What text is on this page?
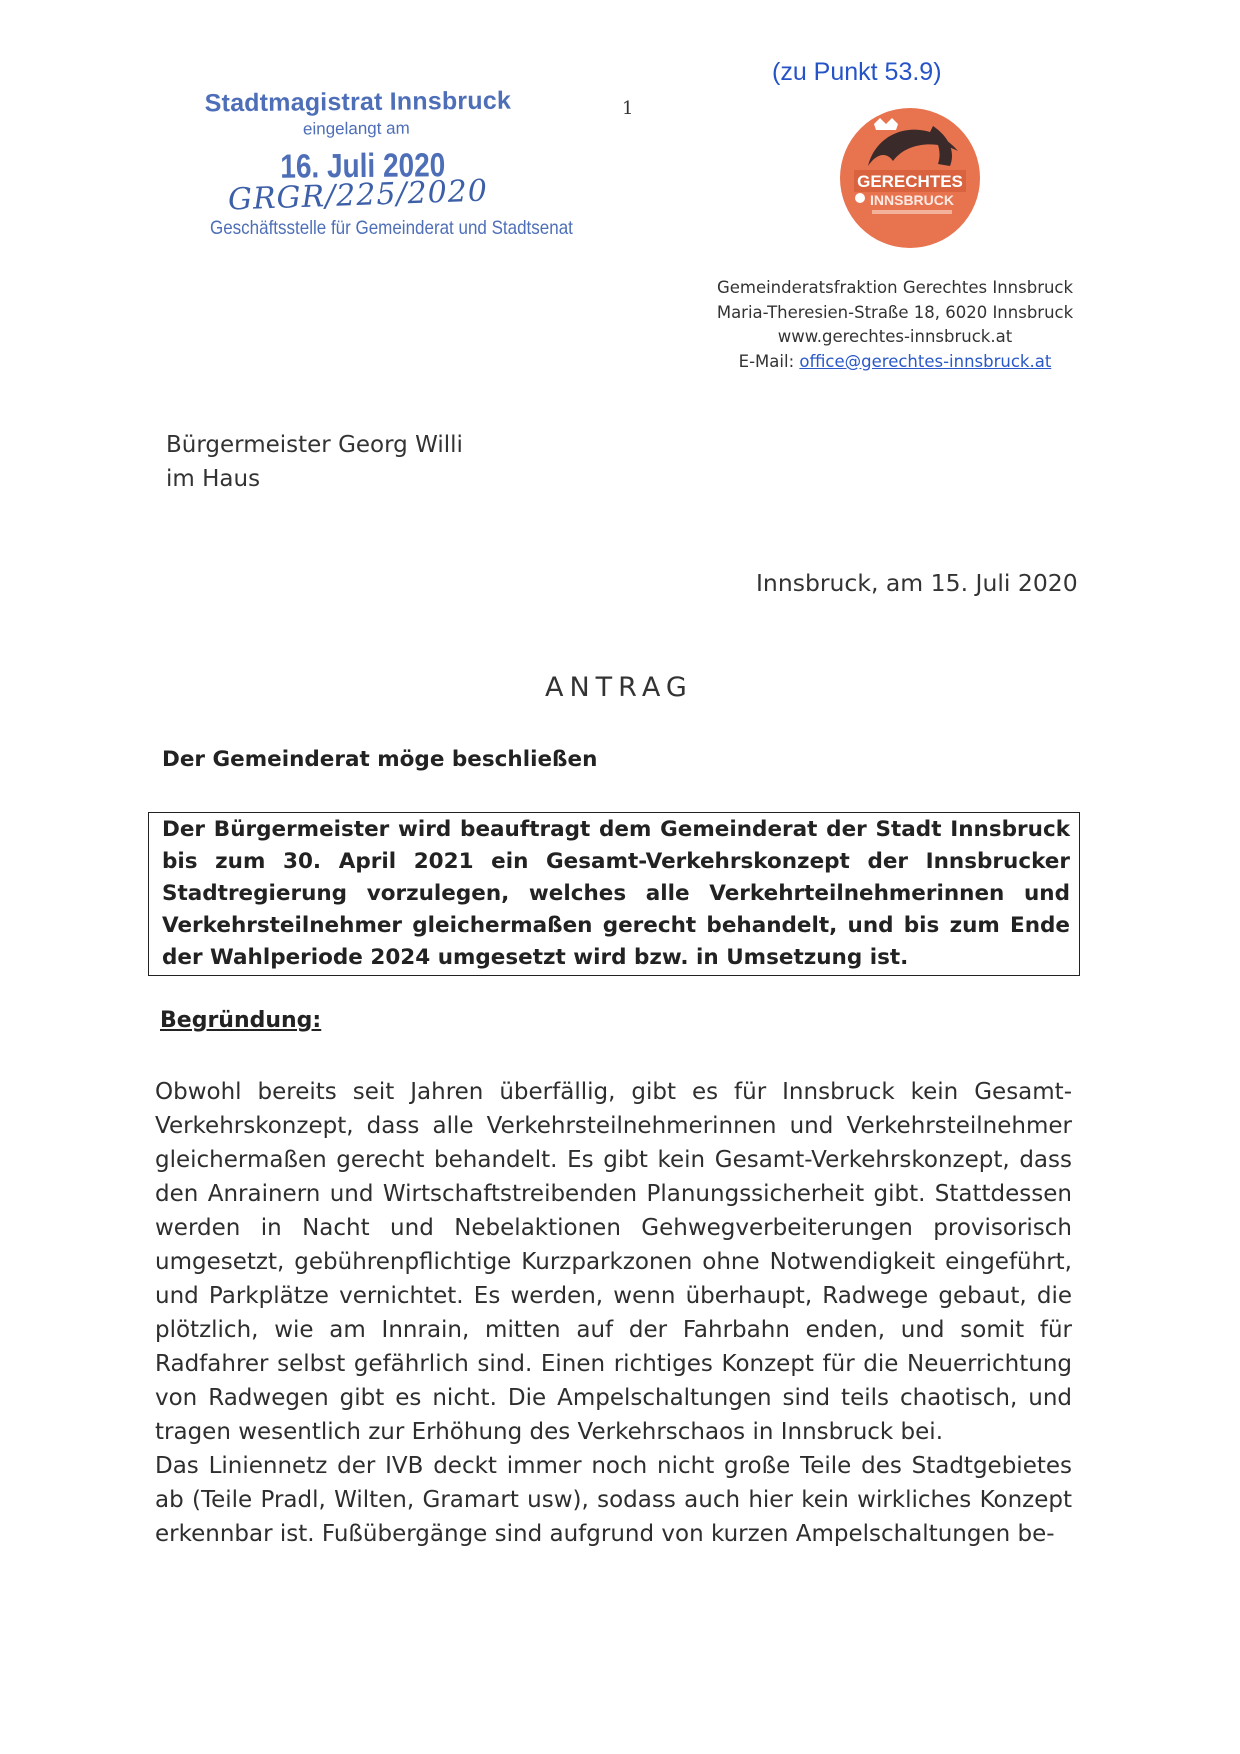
Stadtmagistrat Innsbruck
eingelangt am
16. Juli 2020
GRGR/225/2020
Geschäftsstelle für Gemeinderat und Stadtsenat
1
(zu Punkt 53.9)
GERECHTES
INNSBRUCK
Gemeinderatsfraktion Gerechtes Innsbruck
Maria-Theresien-Straße 18, 6020 Innsbruck
www.gerechtes-innsbruck.at
E-Mail: office@gerechtes-innsbruck.at
Bürgermeister Georg Willi
im Haus
Innsbruck, am 15. Juli 2020
ANTRAG
Der Gemeinderat möge beschließen
Der Bürgermeister wird beauftragt dem Gemeinderat der Stadt Innsbruck bis zum 30. April 2021 ein Gesamt-Verkehrskonzept der Innsbrucker Stadtregierung vorzulegen, welches alle Verkehrteilnehmerinnen und Verkehrsteilnehmer gleichermaßen gerecht behandelt, und bis zum Ende der Wahlperiode 2024 umgesetzt wird bzw. in Umsetzung ist.
Begründung:

Obwohl bereits seit Jahren überfällig, gibt es für Innsbruck kein Gesamt-Verkehrskonzept, dass alle Verkehrsteilnehmerinnen und Verkehrsteilnehmer gleichermaßen gerecht behandelt. Es gibt kein Gesamt-Verkehrskonzept, dass den Anrainern und Wirtschaftstreibenden Planungssicherheit gibt. Stattdessen werden in Nacht und Nebelaktionen Gehwegverbeiterungen provisorisch umgesetzt, gebührenpflichtige Kurzparkzonen ohne Notwendigkeit eingeführt, und Parkplätze vernichtet. Es werden, wenn überhaupt, Radwege gebaut, die plötzlich, wie am Innrain, mitten auf der Fahrbahn enden, und somit für Radfahrer selbst gefährlich sind. Einen richtiges Konzept für die Neuerrichtung von Radwegen gibt es nicht. Die Ampelschaltungen sind teils chaotisch, und tragen wesentlich zur Erhöhung des Verkehrschaos in Innsbruck bei.

Das Liniennetz der IVB deckt immer noch nicht große Teile des Stadtgebietes ab (Teile Pradl, Wilten, Gramart usw), sodass auch hier kein wirkliches Konzept erkennbar ist. Fußübergänge sind aufgrund von kurzen Ampelschaltungen be-
